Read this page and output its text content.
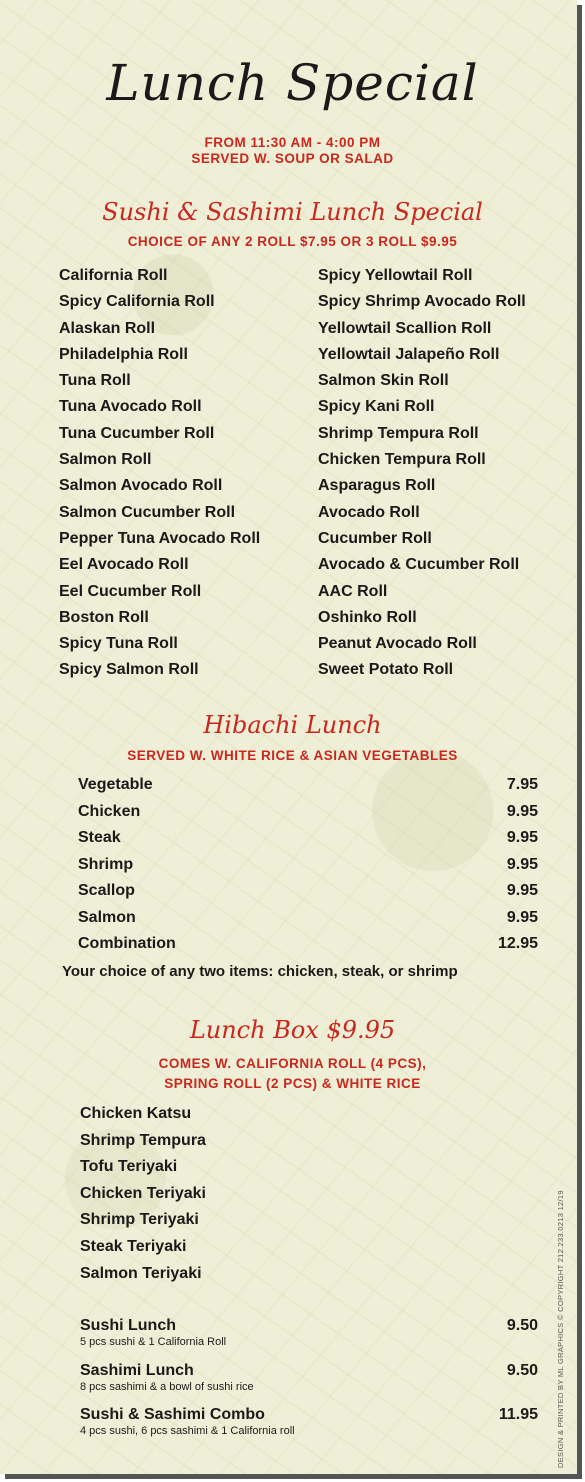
Lunch Special
FROM 11:30 AM - 4:00 PM
SERVED W. SOUP OR SALAD
Sushi & Sashimi Lunch Special
CHOICE OF ANY 2 ROLL $7.95 OR 3 ROLL $9.95
California Roll
Spicy California Roll
Alaskan Roll
Philadelphia Roll
Tuna Roll
Tuna Avocado Roll
Tuna Cucumber Roll
Salmon Roll
Salmon Avocado Roll
Salmon Cucumber Roll
Pepper Tuna Avocado Roll
Eel Avocado Roll
Eel Cucumber Roll
Boston Roll
Spicy Tuna Roll
Spicy Salmon Roll
Spicy Yellowtail Roll
Spicy Shrimp Avocado Roll
Yellowtail Scallion Roll
Yellowtail Jalapeño Roll
Salmon Skin Roll
Spicy Kani Roll
Shrimp Tempura Roll
Chicken Tempura Roll
Asparagus Roll
Avocado Roll
Cucumber Roll
Avocado & Cucumber Roll
AAC Roll
Oshinko Roll
Peanut Avocado Roll
Sweet Potato Roll
Hibachi Lunch
SERVED W. WHITE RICE & ASIAN VEGETABLES
Vegetable	7.95
Chicken	9.95
Steak	9.95
Shrimp	9.95
Scallop	9.95
Salmon	9.95
Combination	12.95
Your choice of any two items: chicken, steak, or shrimp
Lunch Box $9.95
COMES W. CALIFORNIA ROLL (4 PCS),
SPRING ROLL (2 PCS) & WHITE RICE
Chicken Katsu
Shrimp Tempura
Tofu Teriyaki
Chicken Teriyaki
Shrimp Teriyaki
Steak Teriyaki
Salmon Teriyaki
Sushi Lunch	9.50
5 pcs sushi & 1 California Roll
Sashimi Lunch	9.50
8 pcs sashimi & a bowl of sushi rice
Sushi & Sashimi Combo	11.95
4 pcs sushi, 6 pcs sashimi & 1 California roll	DESIGN & PRINTED BY ML GRAPHICS © COPYRIGHT 212.233.0213 12/19
